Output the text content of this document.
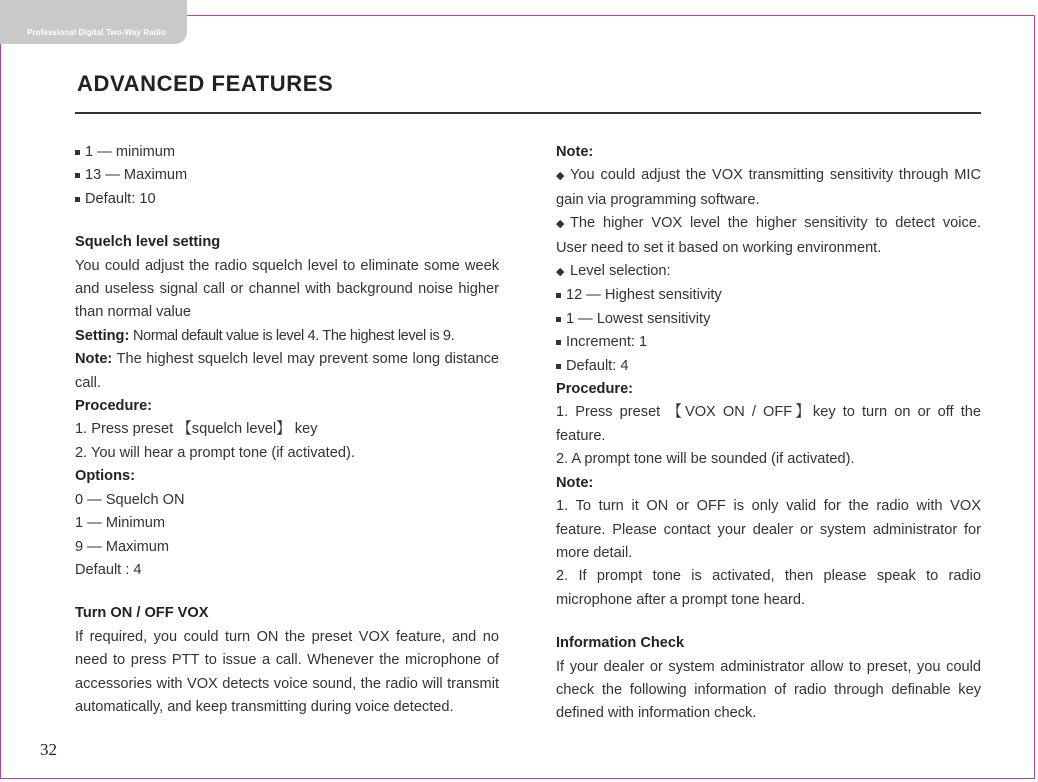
Professional Digital Two-Way Radio
ADVANCED FEATURES

1 — minimum

13 — Maximum

Default: 10

Squelch level setting

You could adjust the radio squelch level to eliminate some week and useless signal call or channel with background noise higher than normal value

Setting: Normal default value is level 4. The highest level is 9.

Note: The highest squelch level may prevent some long distance call.

Procedure:

1. Press preset 【squelch level】 key

2. You will hear a prompt tone (if activated).

Options:

0 — Squelch ON

1 — Minimum

9 — Maximum

Default : 4

Turn ON / OFF VOX

If required, you could turn ON the preset VOX feature, and no need to press PTT to issue a call. Whenever the microphone of accessories with VOX detects voice sound, the radio will transmit automatically, and keep transmitting during voice detected.

Note:

◆ You could adjust the VOX transmitting sensitivity through MIC gain via programming software.

◆ The higher VOX level the higher sensitivity to detect voice. User need to set it based on working environment.

◆ Level selection:

12 — Highest sensitivity

1 — Lowest sensitivity

Increment: 1

Default: 4

Procedure:

1. Press preset 【VOX ON / OFF】key to turn on or off the feature.

2. A prompt tone will be sounded (if activated).

Note:

1. To turn it ON or OFF is only valid for the radio with VOX feature. Please contact your dealer or system administrator for more detail.

2. If prompt tone is activated, then please speak to radio microphone after a prompt tone heard.

Information Check

If your dealer or system administrator allow to preset, you could check the following information of radio through definable key defined with information check.

32
